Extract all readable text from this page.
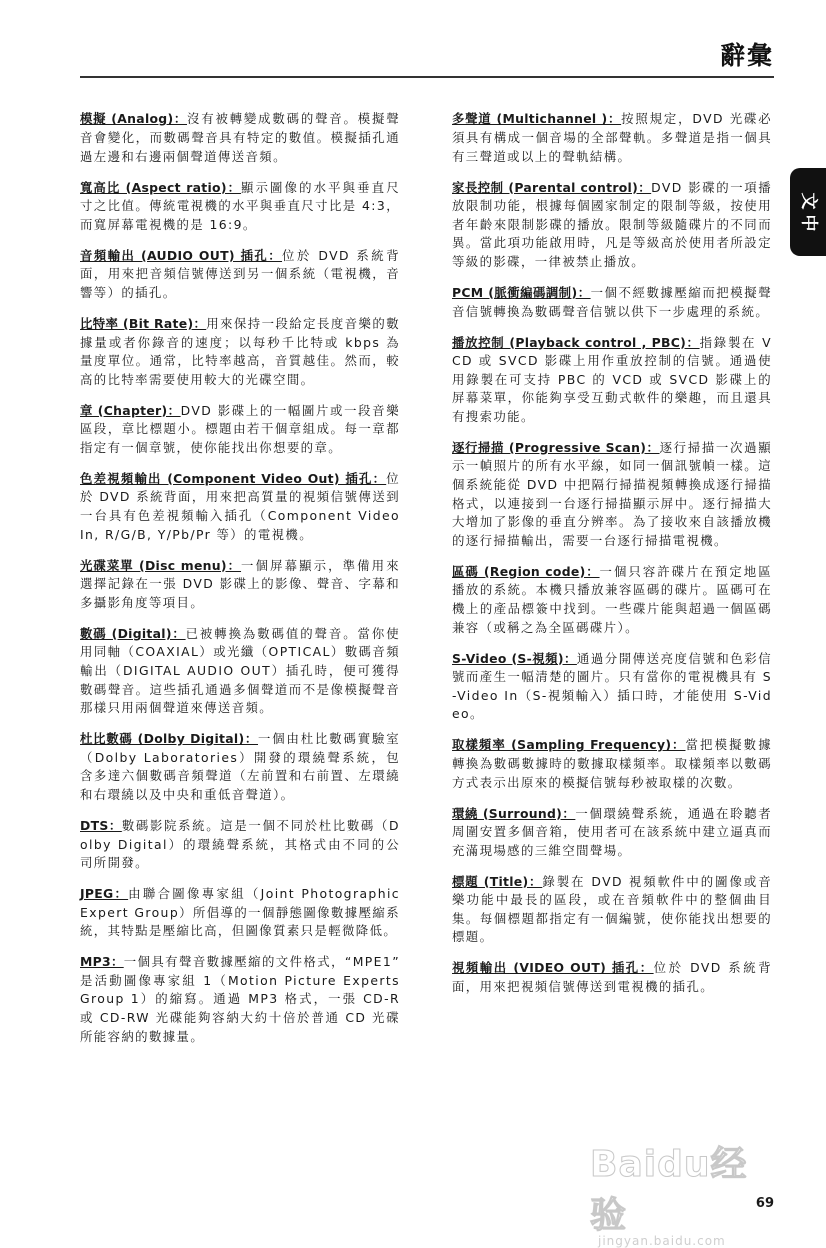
辭彙
文
中

模擬 (Analog)：沒有被轉變成數碼的聲音。模擬聲音會變化，而數碼聲音具有特定的數值。模擬插孔通過左邊和右邊兩個聲道傳送音頻。

寬高比 (Aspect ratio)：顯示圖像的水平與垂直尺寸之比值。傳統電視機的水平與垂直尺寸比是 4:3，而寬屏幕電視機的是 16:9。

音頻輸出 (AUDIO OUT) 插孔：位於 DVD 系統背面，用來把音頻信號傳送到另一個系統（電視機，音響等）的插孔。

比特率 (Bit Rate)：用來保持一段給定長度音樂的數據量或者你錄音的速度；以每秒千比特或 kbps 為量度單位。通常，比特率越高，音質越佳。然而，較高的比特率需要使用較大的光碟空間。

章 (Chapter)：DVD 影碟上的一幅圖片或一段音樂區段，章比標題小。標題由若干個章組成。每一章都指定有一個章號，使你能找出你想要的章。

色差視頻輸出 (Component Video Out) 插孔：位於 DVD 系統背面，用來把高質量的視頻信號傳送到一台具有色差視頻輸入插孔（Component Video In, R/G/B, Y/Pb/Pr 等）的電視機。

光碟菜單 (Disc menu)：一個屏幕顯示，準備用來選擇記錄在一張 DVD 影碟上的影像、聲音、字幕和多攝影角度等項目。

數碼 (Digital)：已被轉換為數碼值的聲音。當你使用同軸（COAXIAL）或光纖（OPTICAL）數碼音頻輸出（DIGITAL AUDIO OUT）插孔時，便可獲得數碼聲音。這些插孔通過多個聲道而不是像模擬聲音那樣只用兩個聲道來傳送音頻。

杜比數碼 (Dolby Digital)：一個由杜比數碼實驗室（Dolby Laboratories）開發的環繞聲系統，包含多達六個數碼音頻聲道（左前置和右前置、左環繞和右環繞以及中央和重低音聲道）。

DTS：數碼影院系統。這是一個不同於杜比數碼（Dolby Digital）的環繞聲系統，其格式由不同的公司所開發。

JPEG：由聯合圖像專家組（Joint Photographic Expert Group）所倡導的一個靜態圖像數據壓縮系統，其特點是壓縮比高，但圖像質素只是輕微降低。

MP3：一個具有聲音數據壓縮的文件格式，“MPE1” 是活動圖像專家組 1（Motion Picture Experts Group 1）的縮寫。通過 MP3 格式，一張 CD-R 或 CD-RW 光碟能夠容納大約十倍於普通 CD 光碟所能容納的數據量。

多聲道 (Multichannel )：按照規定，DVD 光碟必須具有構成一個音場的全部聲軌。多聲道是指一個具有三聲道或以上的聲軌結構。

家長控制 (Parental control)：DVD 影碟的一項播放限制功能，根據每個國家制定的限制等級，按使用者年齡來限制影碟的播放。限制等級隨碟片的不同而異。當此項功能啟用時，凡是等級高於使用者所設定等級的影碟，一律被禁止播放。

PCM (脈衝編碼調制)：一個不經數據壓縮而把模擬聲音信號轉換為數碼聲音信號以供下一步處理的系統。

播放控制 (Playback control , PBC)：指錄製在 VCD 或 SVCD 影碟上用作重放控制的信號。通過使用錄製在可支持 PBC 的 VCD 或 SVCD 影碟上的屏幕菜單，你能夠享受互動式軟件的樂趣，而且還具有搜索功能。

逐行掃描 (Progressive Scan)：逐行掃描一次過顯示一幀照片的所有水平線，如同一個訊號幀一樣。這個系統能從 DVD 中把隔行掃描視頻轉換成逐行掃描格式，以連接到一台逐行掃描顯示屏中。逐行掃描大大增加了影像的垂直分辨率。為了接收來自該播放機的逐行掃描輸出，需要一台逐行掃描電視機。

區碼 (Region code)：一個只容許碟片在預定地區播放的系統。本機只播放兼容區碼的碟片。區碼可在機上的產品標簽中找到。一些碟片能與超過一個區碼兼容（或稱之為全區碼碟片）。

S-Video (S-視頻)：通過分開傳送亮度信號和色彩信號而產生一幅清楚的圖片。只有當你的電視機具有 S-Video In（S-視頻輸入）插口時，才能使用 S-Video。

取樣頻率 (Sampling Frequency)：當把模擬數據轉換為數碼數據時的數據取樣頻率。取樣頻率以數碼方式表示出原來的模擬信號每秒被取樣的次數。

環繞 (Surround)：一個環繞聲系統，通過在聆聽者周圍安置多個音箱，使用者可在該系統中建立逼真而充滿現場感的三維空間聲場。

標題 (Title)：錄製在 DVD 視頻軟件中的圖像或音樂功能中最長的區段，或在音頻軟件中的整個曲目集。每個標題都指定有一個編號，使你能找出想要的標題。

視頻輸出 (VIDEO OUT) 插孔：位於 DVD 系統背面，用來把視頻信號傳送到電視機的插孔。

Baidu经验
jingyan.baidu.com
69
